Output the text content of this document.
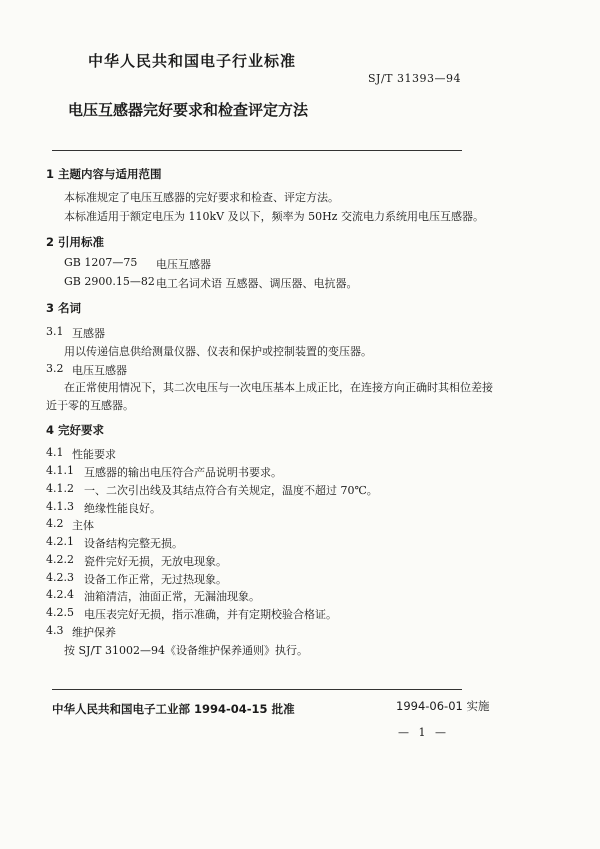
中华人民共和国电子行业标准
SJ/T 31393—94
电压互感器完好要求和检查评定方法
1 主题内容与适用范围
本标准规定了电压互感器的完好要求和检查、评定方法。
本标准适用于额定电压为 110kV 及以下，频率为 50Hz 交流电力系统用电压互感器。
2 引用标准
GB 1207—75 电压互感器
GB 2900.15—82 电工名词术语 互感器、调压器、电抗器。
3 名词
3.1 互感器
用以传递信息供给测量仪器、仪表和保护或控制装置的变压器。
3.2 电压互感器
在正常使用情况下，其二次电压与一次电压基本上成正比，在连接方向正确时其相位差接
近于零的互感器。
4 完好要求
4.1 性能要求
4.1.1 互感器的输出电压符合产品说明书要求。
4.1.2 一、二次引出线及其结点符合有关规定，温度不超过 70℃。
4.1.3 绝缘性能良好。
4.2 主体
4.2.1 设备结构完整无损。
4.2.2 瓷件完好无损，无放电现象。
4.2.3 设备工作正常，无过热现象。
4.2.4 油箱清洁，油面正常，无漏油现象。
4.2.5 电压表完好无损，指示准确，并有定期校验合格证。
4.3 维护保养
按 SJ/T 31002—94《设备维护保养通则》执行。
中华人民共和国电子工业部 1994-04-15 批准	1994-06-01 实施
— 1 —
